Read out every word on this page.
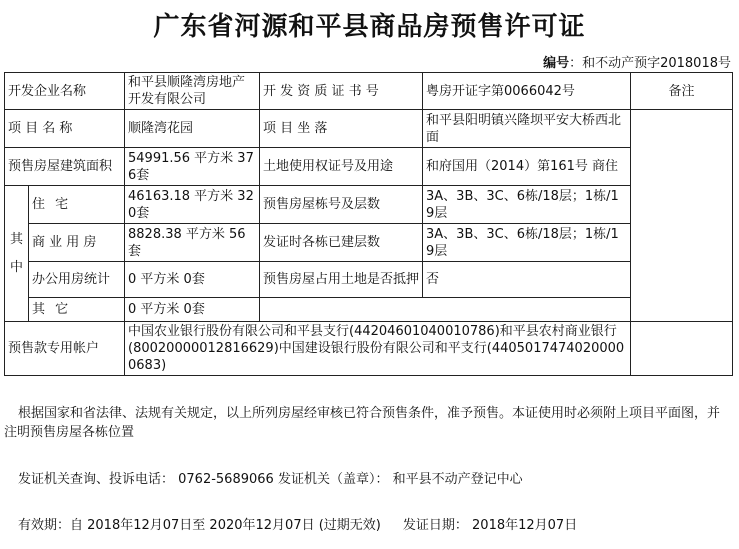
广东省河源和平县商品房预售许可证
编号：和不动产预字2018018号
开发企业名称		和平县顺隆湾房地产开发有限公司	开 发 资 质 证 书 号	粤房开证字第0066042号	备注
项 目 名 称		顺隆湾花园	项 目 坐 落	和平县阳明镇兴隆坝平安大桥西北面	
预售房屋建筑面积		54991.56 平方米 376套	土地使用权证号及用途	和府国用（2014）第161号 商住	
其中	住 宅	46163.18 平方米 320套	预售房屋栋号及层数	3A、3B、3C、6栋/18层；1栋/19层	
	商 业 用 房	8828.38 平方米 56套	发证时各栋已建层数	3A、3B、3C、6栋/18层；1栋/19层	
	办公用房统计	0 平方米 0套	预售房屋占用土地是否抵押	否	
	其 它	0 平方米 0套			
预售款专用帐户		中国农业银行股份有限公司和平县支行(44204601040010786)和平县农村商业银行(80020000012816629)中国建设银行股份有限公司和平支行(44050174740200000683)			
根据国家和省法律、法规有关规定，以上所列房屋经审核已符合预售条件，准予预售。本证使用时必须附上项目平面图，并注明预售房屋各栋位置
发证机关查询、投诉电话： 0762-5689066 发证机关（盖章）： 和平县不动产登记中心
有效期：自 2018年12月07日至 2020年12月07日 (过期无效) 发证日期： 2018年12月07日
